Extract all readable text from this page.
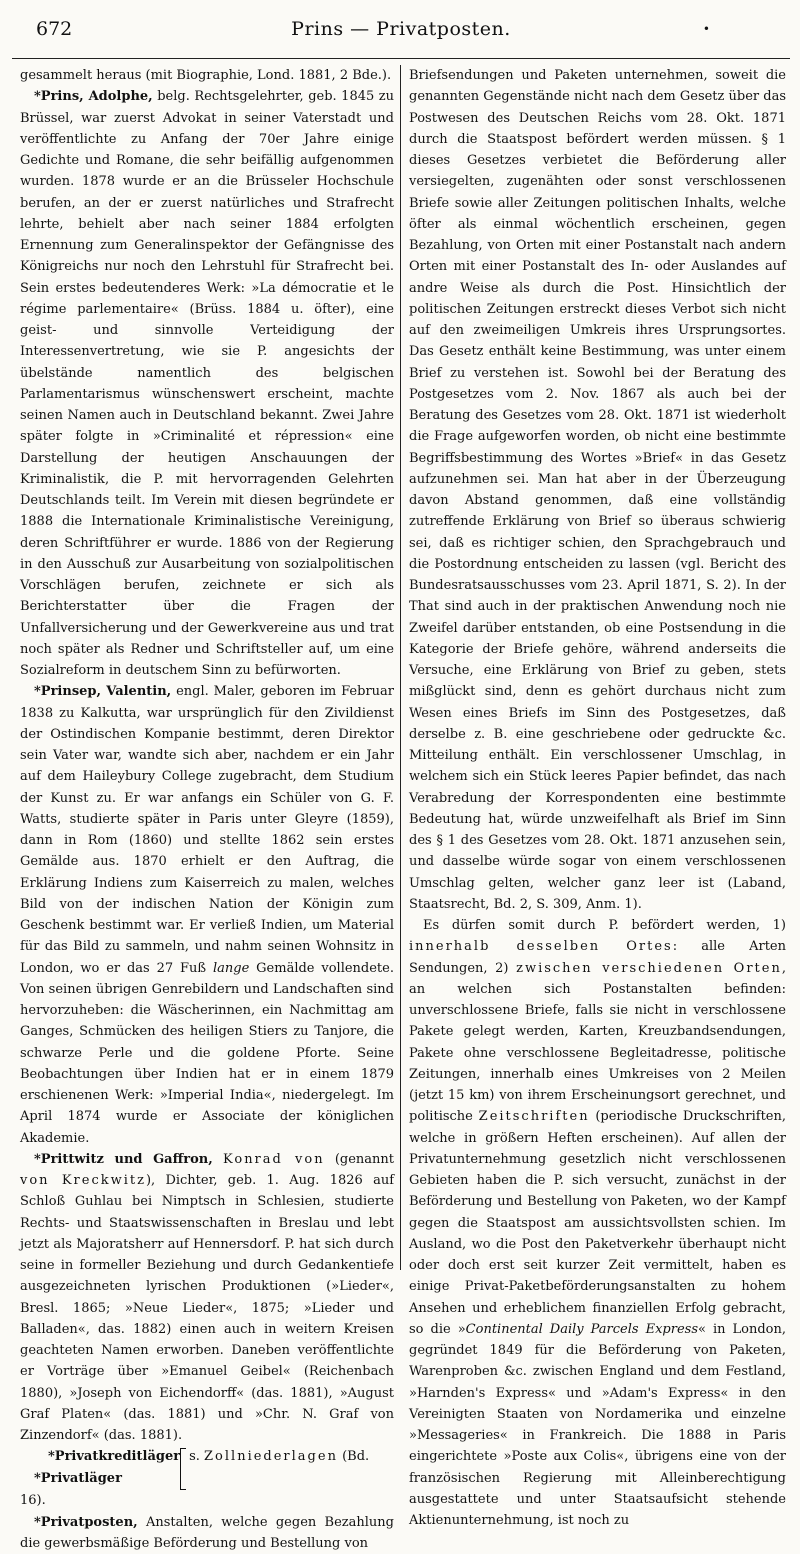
672	Prins — Privatposten.	•

gesammelt heraus (mit Biographie, Lond. 1881, 2 Bde.).

*Prins, Adolphe, belg. Rechtsgelehrter, geb. 1845 zu Brüssel, war zuerst Advokat in seiner Vaterstadt und veröffentlichte zu Anfang der 70er Jahre einige Gedichte und Romane, die sehr beifällig aufgenommen wurden. 1878 wurde er an die Brüsseler Hochschule berufen, an der er zuerst natürliches und Strafrecht lehrte, behielt aber nach seiner 1884 erfolgten Ernennung zum Generalinspektor der Gefängnisse des Königreichs nur noch den Lehrstuhl für Strafrecht bei. Sein erstes bedeutenderes Werk: »La démocratie et le régime parlementaire« (Brüss. 1884 u. öfter), eine geist- und sinnvolle Verteidigung der Interessenvertretung, wie sie P. angesichts der übelstände namentlich des belgischen Parlamentarismus wünschenswert erscheint, machte seinen Namen auch in Deutschland bekannt. Zwei Jahre später folgte in »Criminalité et répression« eine Darstellung der heutigen Anschauungen der Kriminalistik, die P. mit hervorragenden Gelehrten Deutschlands teilt. Im Verein mit diesen begründete er 1888 die Internationale Kriminalistische Vereinigung, deren Schriftführer er wurde. 1886 von der Regierung in den Ausschuß zur Ausarbeitung von sozialpolitischen Vorschlägen berufen, zeichnete er sich als Berichterstatter über die Fragen der Unfallversicherung und der Gewerkvereine aus und trat noch später als Redner und Schriftsteller auf, um eine Sozialreform in deutschem Sinn zu befürworten.

*Prinsep, Valentin, engl. Maler, geboren im Februar 1838 zu Kalkutta, war ursprünglich für den Zivildienst der Ostindischen Kompanie bestimmt, deren Direktor sein Vater war, wandte sich aber, nachdem er ein Jahr auf dem Haileybury College zugebracht, dem Studium der Kunst zu. Er war anfangs ein Schüler von G. F. Watts, studierte später in Paris unter Gleyre (1859), dann in Rom (1860) und stellte 1862 sein erstes Gemälde aus. 1870 erhielt er den Auftrag, die Erklärung Indiens zum Kaiserreich zu malen, welches Bild von der indischen Nation der Königin zum Geschenk bestimmt war. Er verließ Indien, um Material für das Bild zu sammeln, und nahm seinen Wohnsitz in London, wo er das 27 Fuß lange Gemälde vollendete. Von seinen übrigen Genrebildern und Landschaften sind hervorzuheben: die Wäscherinnen, ein Nachmittag am Ganges, Schmücken des heiligen Stiers zu Tanjore, die schwarze Perle und die goldene Pforte. Seine Beobachtungen über Indien hat er in einem 1879 erschienenen Werk: »Imperial India«, niedergelegt. Im April 1874 wurde er Associate der königlichen Akademie.

*Prittwitz und Gaffron, Konrad von (genannt von Kreckwitz), Dichter, geb. 1. Aug. 1826 auf Schloß Guhlau bei Nimptsch in Schlesien, studierte Rechts- und Staatswissenschaften in Breslau und lebt jetzt als Majoratsherr auf Hennersdorf. P. hat sich durch seine in formeller Beziehung und durch Gedankentiefe ausgezeichneten lyrischen Produktionen (»Lieder«, Bresl. 1865; »Neue Lieder«, 1875; »Lieder und Balladen«, das. 1882) einen auch in weitern Kreisen geachteten Namen erworben. Daneben veröffentlichte er Vorträge über »Emanuel Geibel« (Reichenbach 1880), »Joseph von Eichendorff« (das. 1881), »August Graf Platen« (das. 1881) und »Chr. N. Graf von Zinzendorf« (das. 1881).

*Privatkreditläger
*Privatlägers. Zollniederlagen (Bd. 16).

*Privatposten, Anstalten, welche gegen Bezahlung die gewerbsmäßige Beförderung und Bestellung von

Briefsendungen und Paketen unternehmen, soweit die genannten Gegenstände nicht nach dem Gesetz über das Postwesen des Deutschen Reichs vom 28. Okt. 1871 durch die Staatspost befördert werden müssen. § 1 dieses Gesetzes verbietet die Beförderung aller versiegelten, zugenähten oder sonst verschlossenen Briefe sowie aller Zeitungen politischen Inhalts, welche öfter als einmal wöchentlich erscheinen, gegen Bezahlung, von Orten mit einer Postanstalt nach andern Orten mit einer Postanstalt des In- oder Auslandes auf andre Weise als durch die Post. Hinsichtlich der politischen Zeitungen erstreckt dieses Verbot sich nicht auf den zweimeiligen Umkreis ihres Ursprungsortes. Das Gesetz enthält keine Bestimmung, was unter einem Brief zu verstehen ist. Sowohl bei der Beratung des Postgesetzes vom 2. Nov. 1867 als auch bei der Beratung des Gesetzes vom 28. Okt. 1871 ist wiederholt die Frage aufgeworfen worden, ob nicht eine bestimmte Begriffsbestimmung des Wortes »Brief« in das Gesetz aufzunehmen sei. Man hat aber in der Überzeugung davon Abstand genommen, daß eine vollständig zutreffende Erklärung von Brief so überaus schwierig sei, daß es richtiger schien, den Sprachgebrauch und die Postordnung entscheiden zu lassen (vgl. Bericht des Bundesratsausschusses vom 23. April 1871, S. 2). In der That sind auch in der praktischen Anwendung noch nie Zweifel darüber entstanden, ob eine Postsendung in die Kategorie der Briefe gehöre, während anderseits die Versuche, eine Erklärung von Brief zu geben, stets mißglückt sind, denn es gehört durchaus nicht zum Wesen eines Briefs im Sinn des Postgesetzes, daß derselbe z. B. eine geschriebene oder gedruckte &c. Mitteilung enthält. Ein verschlossener Umschlag, in welchem sich ein Stück leeres Papier befindet, das nach Verabredung der Korrespondenten eine bestimmte Bedeutung hat, würde unzweifelhaft als Brief im Sinn des § 1 des Gesetzes vom 28. Okt. 1871 anzusehen sein, und dasselbe würde sogar von einem verschlossenen Umschlag gelten, welcher ganz leer ist (Laband, Staatsrecht, Bd. 2, S. 309, Anm. 1).

Es dürfen somit durch P. befördert werden, 1) innerhalb desselben Ortes: alle Arten Sendungen, 2) zwischen verschiedenen Orten, an welchen sich Postanstalten befinden: unverschlossene Briefe, falls sie nicht in verschlossene Pakete gelegt werden, Karten, Kreuzbandsendungen, Pakete ohne verschlossene Begleitadresse, politische Zeitungen, innerhalb eines Umkreises von 2 Meilen (jetzt 15 km) von ihrem Erscheinungsort gerechnet, und politische Zeitschriften (periodische Druckschriften, welche in größern Heften erscheinen). Auf allen der Privatunternehmung gesetzlich nicht verschlossenen Gebieten haben die P. sich versucht, zunächst in der Beförderung und Bestellung von Paketen, wo der Kampf gegen die Staatspost am aussichtsvollsten schien. Im Ausland, wo die Post den Paketverkehr überhaupt nicht oder doch erst seit kurzer Zeit vermittelt, haben es einige Privat-Paketbeförderungsanstalten zu hohem Ansehen und erheblichem finanziellen Erfolg gebracht, so die »Continental Daily Parcels Express« in London, gegründet 1849 für die Beförderung von Paketen, Warenproben &c. zwischen England und dem Festland, »Harnden's Express« und »Adam's Express« in den Vereinigten Staaten von Nordamerika und einzelne »Messageries« in Frankreich. Die 1888 in Paris eingerichtete »Poste aux Colis«, übrigens eine von der französischen Regierung mit Alleinberechtigung ausgestattete und unter Staatsaufsicht stehende Aktienunternehmung, ist noch zu
